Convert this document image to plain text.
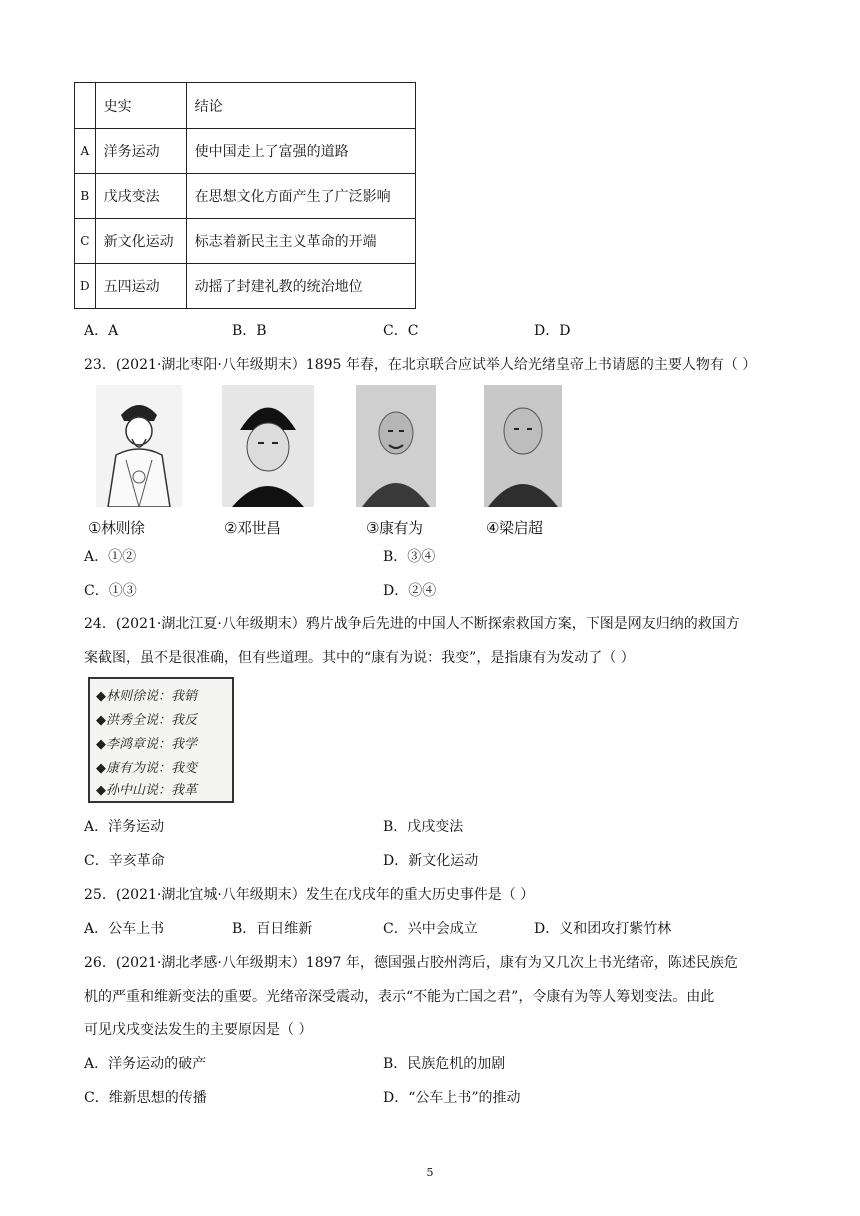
	史实	结论
A	洋务运动	使中国走上了富强的道路
B	戊戌变法	在思想文化方面产生了广泛影响
C	新文化运动	标志着新民主主义革命的开端
D	五四运动	动摇了封建礼教的统治地位
A．A	B．B	C．C	D．D
23．(2021·湖北枣阳·八年级期末）1895 年春，在北京联合应试举人给光绪皇帝上书请愿的主要人物有（ ）
①林则徐	②邓世昌	③康有为	④梁启超
A．①②	B．③④
C．①③	D．②④
24．(2021·湖北江夏·八年级期末）鸦片战争后先进的中国人不断探索救国方案，下图是网友归纳的救国方
案截图，虽不是很准确，但有些道理。其中的“康有为说：我变”，是指康有为发动了（ ）
◆林则徐说：我销
◆洪秀全说：我反
◆李鸿章说：我学
◆康有为说：我变
◆孙中山说：我革
A．洋务运动	B．戊戌变法
C．辛亥革命	D．新文化运动
25．(2021·湖北宜城·八年级期末）发生在戊戌年的重大历史事件是（ ）
A．公车上书	B．百日维新	C．兴中会成立	D．义和团攻打紫竹林
26．(2021·湖北孝感·八年级期末）1897 年，德国强占胶州湾后，康有为又几次上书光绪帝，陈述民族危
机的严重和维新变法的重要。光绪帝深受震动，表示“不能为亡国之君”，令康有为等人筹划变法。由此
可见戊戌变法发生的主要原因是（ ）
A．洋务运动的破产	B．民族危机的加剧
C．维新思想的传播	D．“公车上书”的推动
5
